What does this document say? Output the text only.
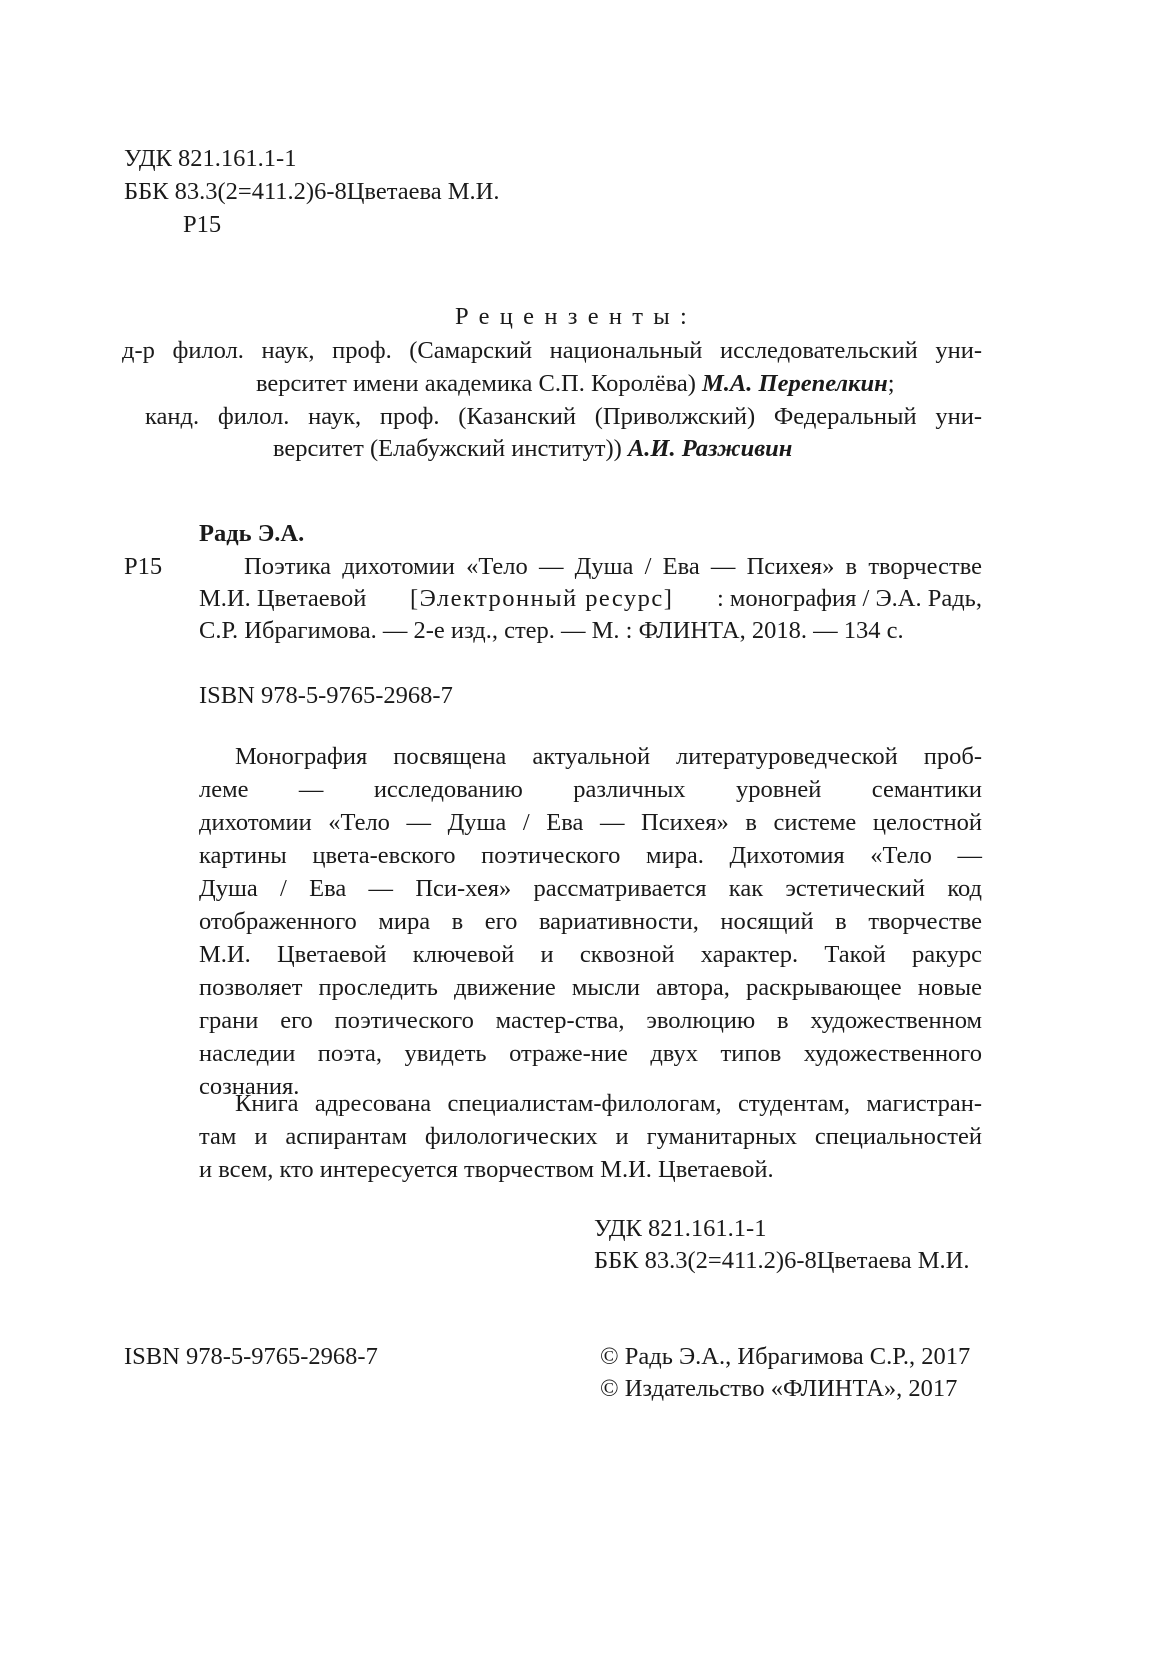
УДК 821.161.1-1
ББК 83.3(2=411.2)6-8Цветаева М.И.
Р15
Рецензенты:
д-р филол. наук, проф. (Самарский национальный исследовательский уни-
верситет имени академика С.П. Королёва) М.А. Перепелкин;
канд. филол. наук, проф. (Казанский (Приволжский) Федеральный уни-
верситет (Елабужский институт)) А.И. Разживин
Радь Э.А.
Р15	Поэтика дихотомии «Тело — Душа / Ева — Психея» в творчестве
М.И. Цветаевой [Электронный ресурс] : монография / Э.А. Радь,
С.Р. Ибрагимова. — 2-е изд., стер. — М. : ФЛИНТА, 2018. — 134 с.
ISBN 978-5-9765-2968-7
Монография посвящена актуальной литературоведческой проб-
леме — исследованию различных уровней семантики
дихотомии «Тело — Душа / Ева — Психея» в системе целостной
картины цвета-евского поэтического мира. Дихотомия «Тело —
Душа / Ева — Пси-хея» рассматривается как эстетический код
отображенного мира в его вариативности, носящий в творчестве
М.И. Цветаевой ключевой и сквозной характер. Такой ракурс
позволяет проследить движение мысли автора, раскрывающее новые
грани его поэтического мастер-ства, эволюцию в художественном
наследии поэта, увидеть отраже-ние двух типов художественного
сознания.
Книга адресована специалистам-филологам, студентам, магистран-
там и аспирантам филологических и гуманитарных специальностей
и всем, кто интересуется творчеством М.И. Цветаевой.
УДК 821.161.1-1
ББК 83.3(2=411.2)6-8Цветаева М.И.
ISBN 978-5-9765-2968-7	© Радь Э.А., Ибрагимова С.Р., 2017
© Издательство «ФЛИНТА», 2017
